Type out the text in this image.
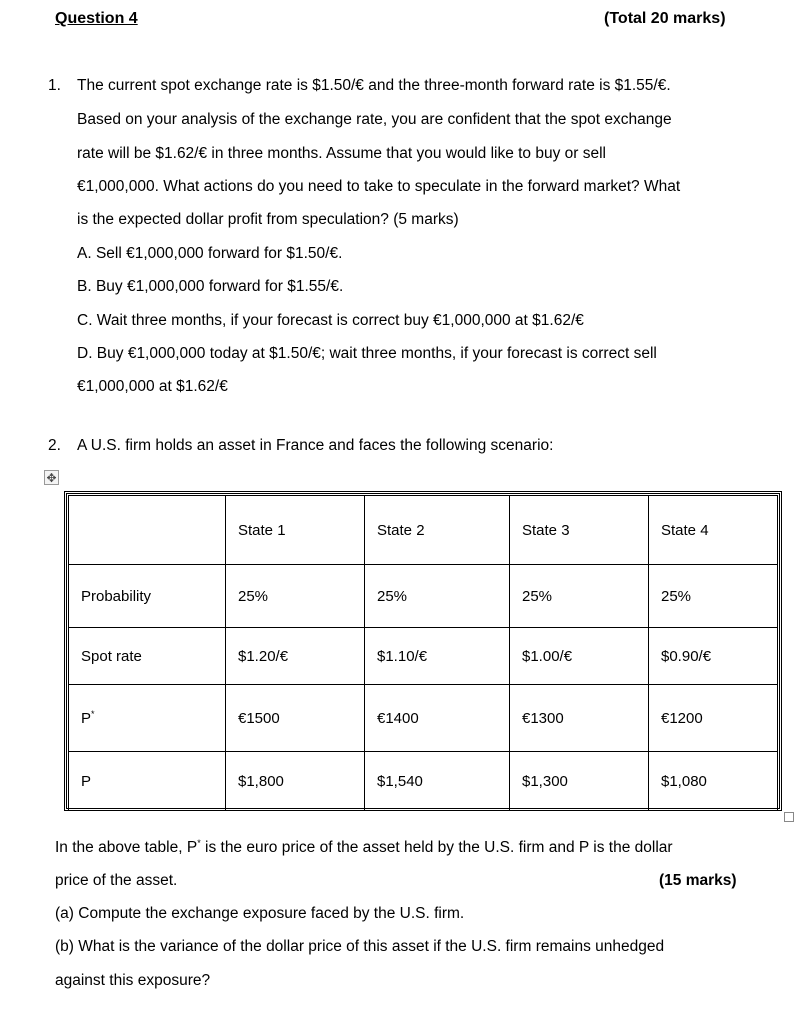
Question 4	(Total 20 marks)
1. The current spot exchange rate is $1.50/€ and the three-month forward rate is $1.55/€.
Based on your analysis of the exchange rate, you are confident that the spot exchange
rate will be $1.62/€ in three months. Assume that you would like to buy or sell
€1,000,000. What actions do you need to take to speculate in the forward market? What
is the expected dollar profit from speculation? (5 marks)
A. Sell €1,000,000 forward for $1.50/€.
B. Buy €1,000,000 forward for $1.55/€.
C. Wait three months, if your forecast is correct buy €1,000,000 at $1.62/€
D. Buy €1,000,000 today at $1.50/€; wait three months, if your forecast is correct sell
€1,000,000 at $1.62/€
2. A U.S. firm holds an asset in France and faces the following scenario:
✥
	State 1	State 2	State 3	State 4
Probability	25%	25%	25%	25%
Spot rate	$1.20/€	$1.10/€	$1.00/€	$0.90/€
P*	€1500	€1400	€1300	€1200
P	$1,800	$1,540	$1,300	$1,080
In the above table, P* is the euro price of the asset held by the U.S. firm and P is the dollar
price of the asset.	(15 marks)
(a) Compute the exchange exposure faced by the U.S. firm.
(b) What is the variance of the dollar price of this asset if the U.S. firm remains unhedged
against this exposure?
